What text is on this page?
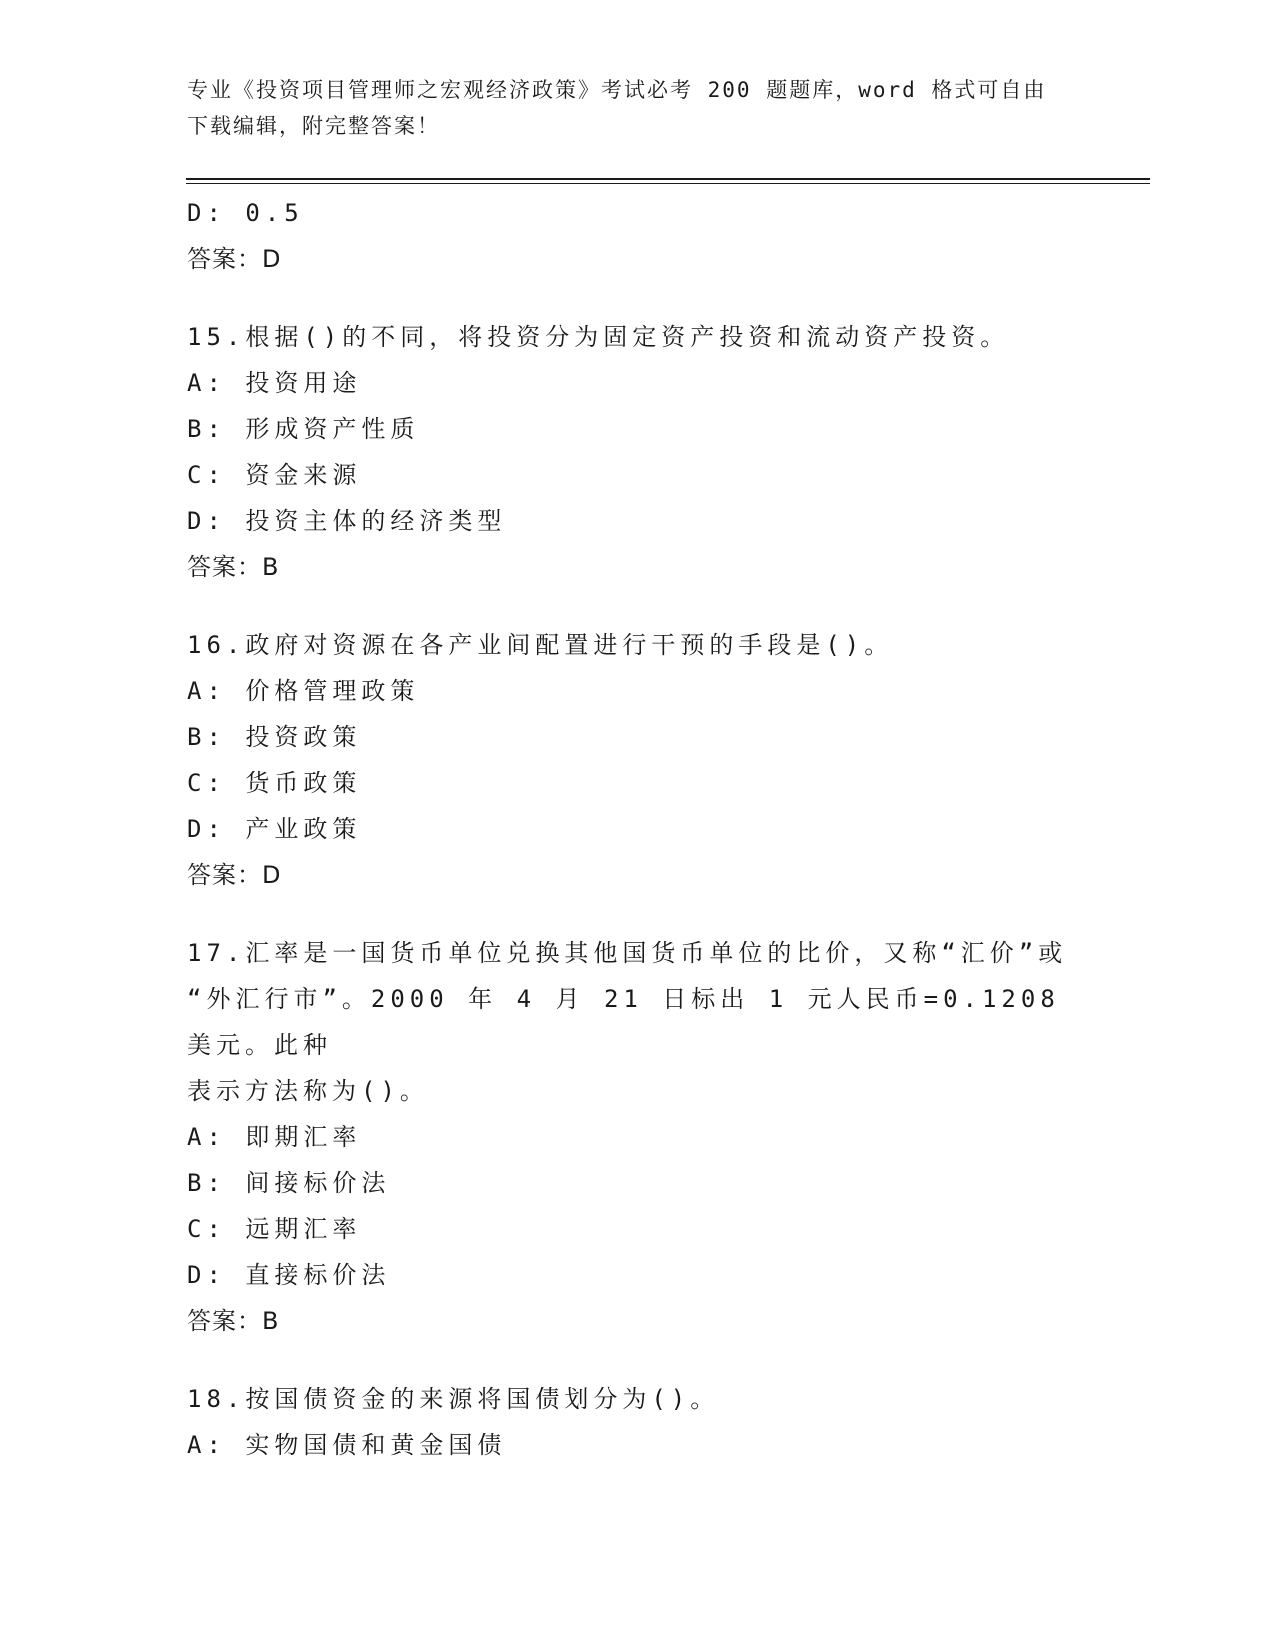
专业《投资项目管理师之宏观经济政策》考试必考 200 题题库，word 格式可自由
下载编辑，附完整答案！
D: 0.5
答案：D
15.根据()的不同，将投资分为固定资产投资和流动资产投资。
A: 投资用途
B: 形成资产性质
C: 资金来源
D: 投资主体的经济类型
答案：B
16.政府对资源在各产业间配置进行干预的手段是()。
A: 价格管理政策
B: 投资政策
C: 货币政策
D: 产业政策
答案：D
17.汇率是一国货币单位兑换其他国货币单位的比价，又称“汇价”或
“外汇行市”。2000 年 4 月 21 日标出 1 元人民币=0.1208 美元。此种
表示方法称为()。
A: 即期汇率
B: 间接标价法
C: 远期汇率
D: 直接标价法
答案：B
18.按国债资金的来源将国债划分为()。
A: 实物国债和黄金国债
